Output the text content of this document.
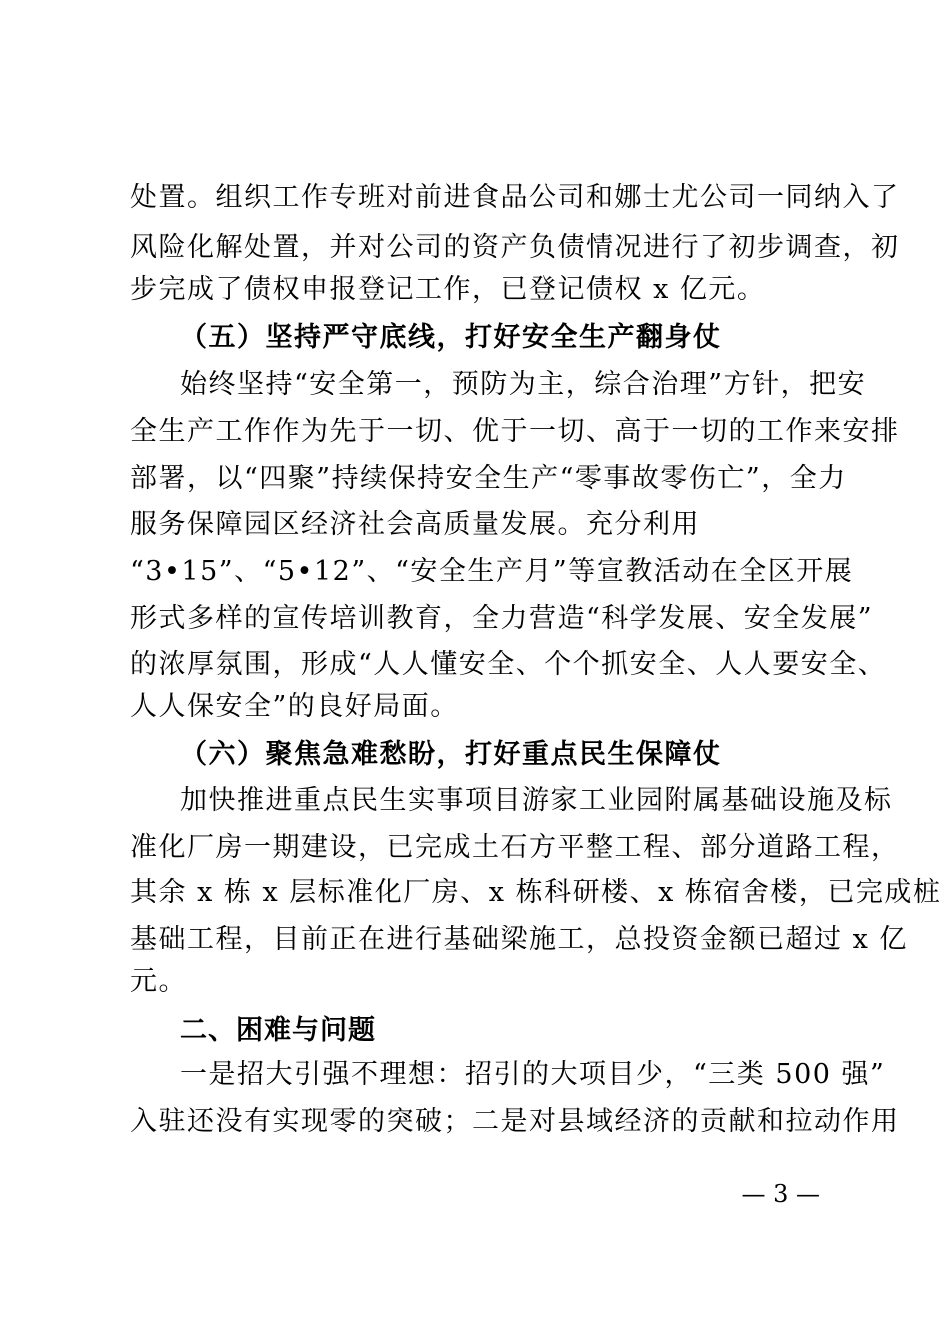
处置。组织工作专班对前进食品公司和娜士尤公司一同纳入了
风险化解处置，并对公司的资产负债情况进行了初步调查，初
步完成了债权申报登记工作，已登记债权 x 亿元。
（五）坚持严守底线，打好安全生产翻身仗
始终坚持“安全第一，预防为主，综合治理”方针，把安
全生产工作作为先于一切、优于一切、高于一切的工作来安排
部署，以“四聚”持续保持安全生产“零事故零伤亡”，全力
服务保障园区经济社会高质量发展。充分利用
“3•15”、“5•12”、“安全生产月”等宣教活动在全区开展
形式多样的宣传培训教育，全力营造“科学发展、安全发展”
的浓厚氛围，形成“人人懂安全、个个抓安全、人人要安全、
人人保安全”的良好局面。
（六）聚焦急难愁盼，打好重点民生保障仗
加快推进重点民生实事项目游家工业园附属基础设施及标
准化厂房一期建设，已完成土石方平整工程、部分道路工程，
其余 x 栋 x 层标准化厂房、x 栋科研楼、x 栋宿舍楼，已完成桩
基础工程，目前正在进行基础梁施工，总投资金额已超过 x 亿
元。
二、困难与问题
一是招大引强不理想：招引的大项目少，“三类 500 强”
入驻还没有实现零的突破；二是对县域经济的贡献和拉动作用
— 3 —
